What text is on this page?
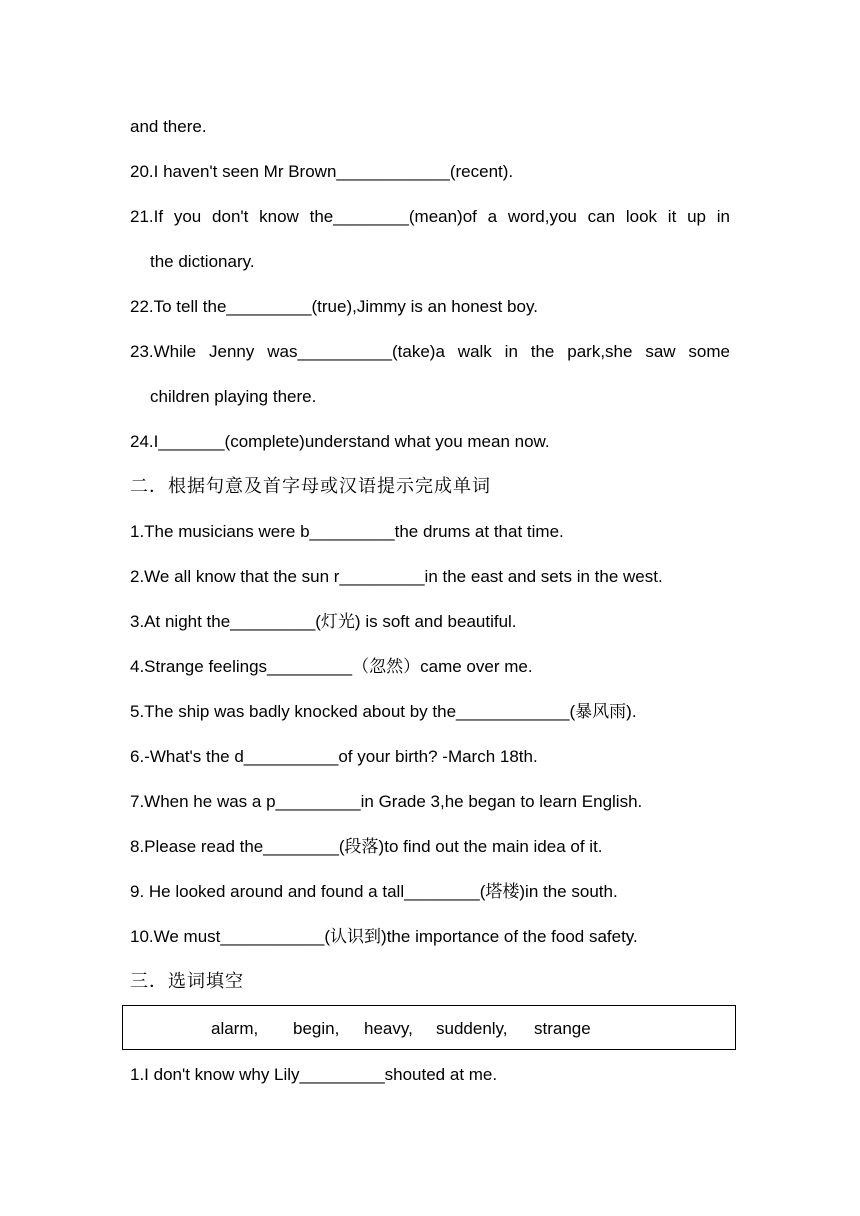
and there.
20.I haven't seen Mr Brown____________(recent).
21.If you don't know the________(mean)of a word,you can look it up in
the dictionary.
22.To tell the_________(true),Jimmy is an honest boy.
23.While Jenny was__________(take)a walk in the park,she saw some
children playing there.
24.I_______(complete)understand what you mean now.
二．根据句意及首字母或汉语提示完成单词
1.The musicians were b_________the drums at that time.
2.We all know that the sun r_________in the east and sets in the west.
3.At night the_________(灯光) is soft and beautiful.
4.Strange feelings_________（忽然）came over me.
5.The ship was badly knocked about by the____________(暴风雨).
6.-What's the d__________of your birth? -March 18th.
7.When he was a p_________in Grade 3,he began to learn English.
8.Please read the________(段落)to find out the main idea of it.
9. He looked around and found a tall________(塔楼)in the south.
10.We must___________(认识到)the importance of the food safety.
三．选词填空
alarm, begin, heavy, suddenly, strange
1.I don't know why Lily_________shouted at me.
